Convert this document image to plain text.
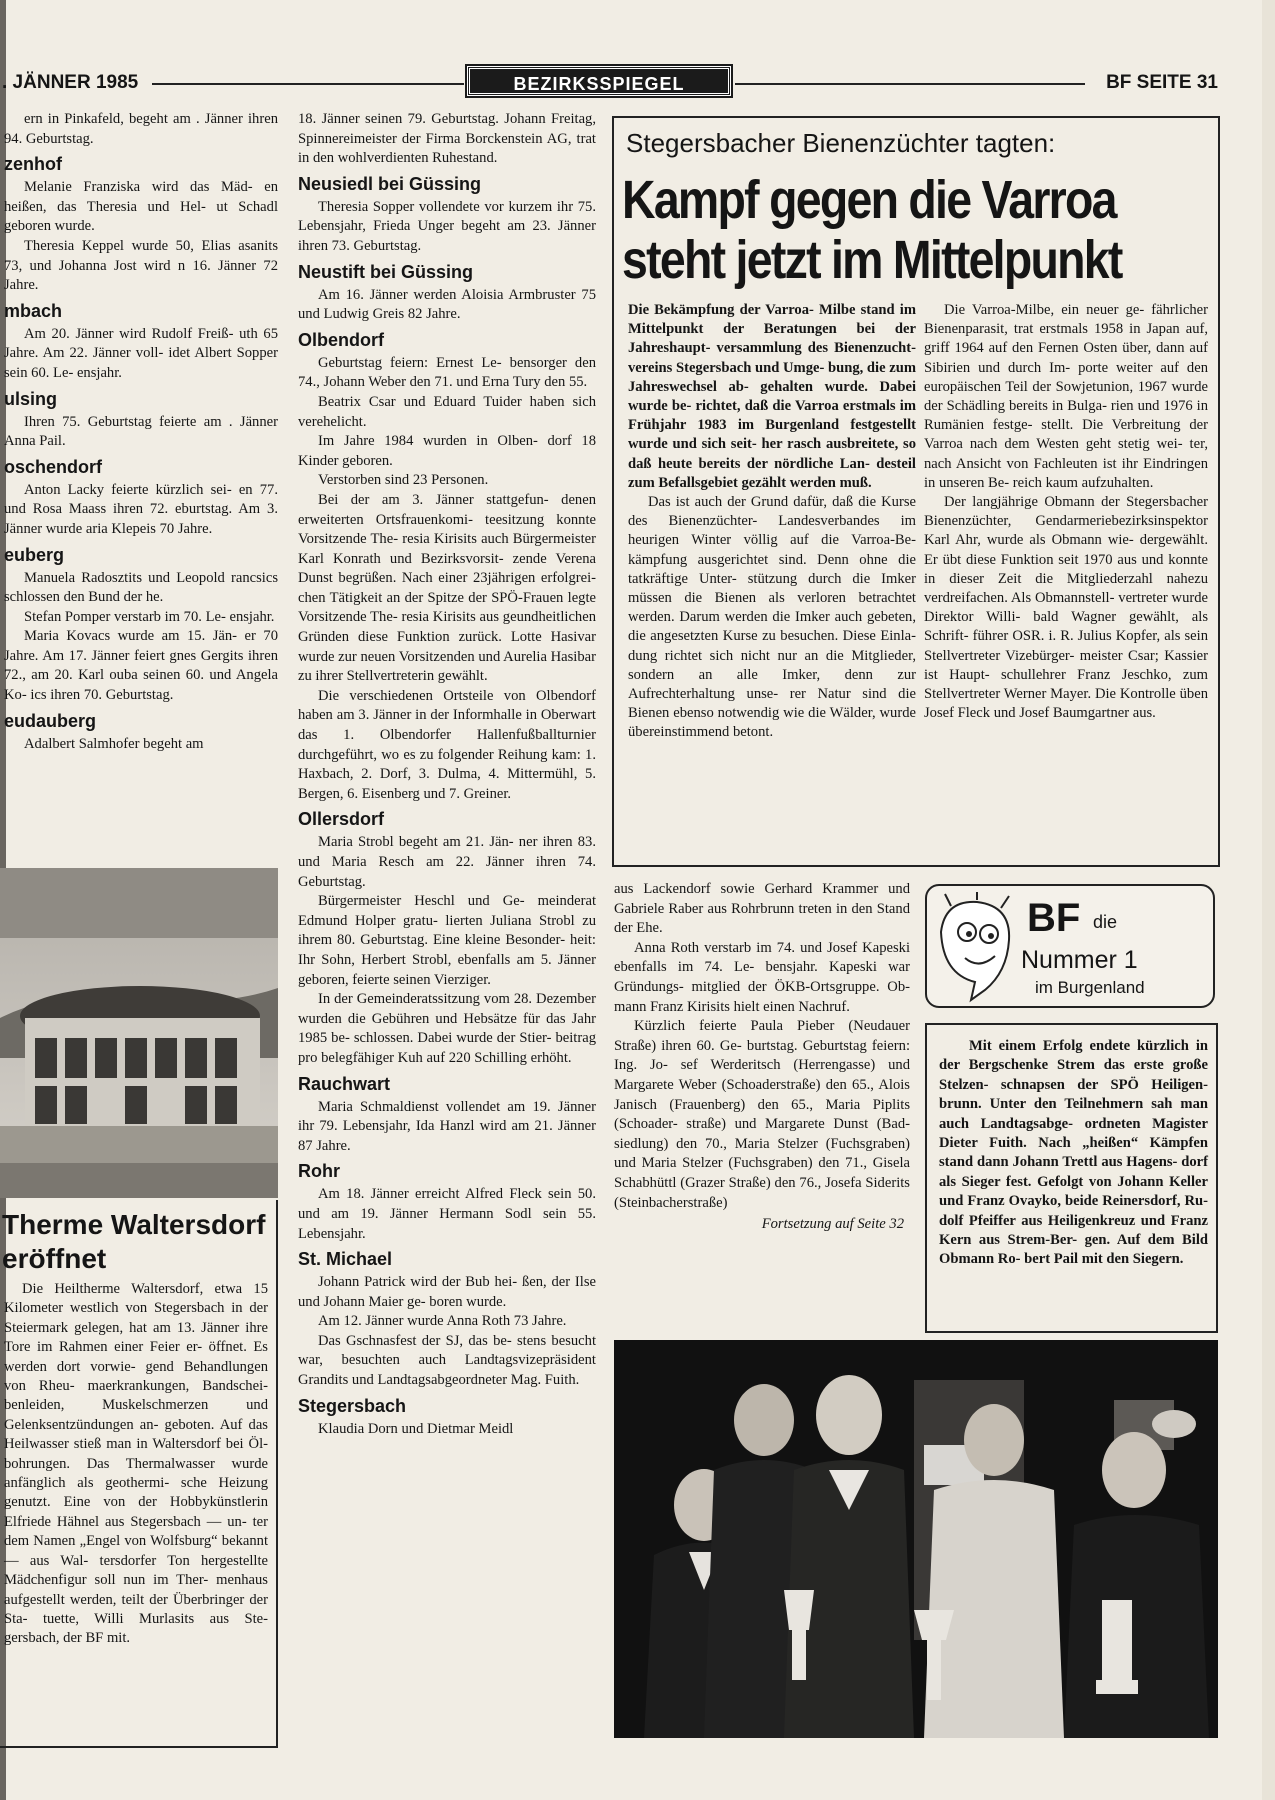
. JÄNNER 1985	BEZIRKSSPIEGEL	BF SEITE 31

ern in Pinkafeld, begeht am . Jänner ihren 94. Geburtstag.

zenhof

Melanie Franziska wird das Mäd- en heißen, das Theresia und Hel- ut Schadl geboren wurde.

Theresia Keppel wurde 50, Elias asanits 73, und Johanna Jost wird n 16. Jänner 72 Jahre.

mbach

Am 20. Jänner wird Rudolf Freiß- uth 65 Jahre. Am 22. Jänner voll- idet Albert Sopper sein 60. Le- ensjahr.

ulsing

Ihren 75. Geburtstag feierte am . Jänner Anna Pail.

oschendorf

Anton Lacky feierte kürzlich sei- en 77. und Rosa Maass ihren 72. eburtstag. Am 3. Jänner wurde aria Klepeis 70 Jahre.

euberg

Manuela Radosztits und Leopold rancsics schlossen den Bund der he.

Stefan Pomper verstarb im 70. Le- ensjahr.

Maria Kovacs wurde am 15. Jän- er 70 Jahre. Am 17. Jänner feiert gnes Gergits ihren 72., am 20. Karl ouba seinen 60. und Angela Ko- ics ihren 70. Geburtstag.

eudauberg

Adalbert Salmhofer begeht am

Therme Waltersdorf eröffnet

Die Heiltherme Waltersdorf, etwa 15 Kilometer westlich von Stegersbach in der Steiermark gelegen, hat am 13. Jänner ihre Tore im Rahmen einer Feier er- öffnet. Es werden dort vorwie- gend Behandlungen von Rheu- maerkrankungen, Bandschei- benleiden, Muskelschmerzen und Gelenksentzündungen an- geboten. Auf das Heilwasser stieß man in Waltersdorf bei Öl- bohrungen. Das Thermalwasser wurde anfänglich als geothermi- sche Heizung genutzt. Eine von der Hobbykünstlerin Elfriede Hähnel aus Stegersbach — un- ter dem Namen „Engel von Wolfsburg“ bekannt — aus Wal- tersdorfer Ton hergestellte Mädchenfigur soll nun im Ther- menhaus aufgestellt werden, teilt der Überbringer der Sta- tuette, Willi Murlasits aus Ste- gersbach, der BF mit.

18. Jänner seinen 79. Geburtstag. Johann Freitag, Spinnereimeister der Firma Borckenstein AG, trat in den wohlverdienten Ruhestand.

Neusiedl bei Güssing

Theresia Sopper vollendete vor kurzem ihr 75. Lebensjahr, Frieda Unger begeht am 23. Jänner ihren 73. Geburtstag.

Neustift bei Güssing

Am 16. Jänner werden Aloisia Armbruster 75 und Ludwig Greis 82 Jahre.

Olbendorf

Geburtstag feiern: Ernest Le- bensorger den 74., Johann Weber den 71. und Erna Tury den 55.

Beatrix Csar und Eduard Tuider haben sich verehelicht.

Im Jahre 1984 wurden in Olben- dorf 18 Kinder geboren.

Verstorben sind 23 Personen.

Bei der am 3. Jänner stattgefun- denen erweiterten Ortsfrauenkomi- teesitzung konnte Vorsitzende The- resia Kirisits auch Bürgermeister Karl Konrath und Bezirksvorsit- zende Verena Dunst begrüßen. Nach einer 23jährigen erfolgrei- chen Tätigkeit an der Spitze der SPÖ-Frauen legte Vorsitzende The- resia Kirisits aus geundheitlichen Gründen diese Funktion zurück. Lotte Hasivar wurde zur neuen Vorsitzenden und Aurelia Hasibar zu ihrer Stellvertreterin gewählt.

Die verschiedenen Ortsteile von Olbendorf haben am 3. Jänner in der Informhalle in Oberwart das 1. Olbendorfer Hallenfußballturnier durchgeführt, wo es zu folgender Reihung kam: 1. Haxbach, 2. Dorf, 3. Dulma, 4. Mittermühl, 5. Bergen, 6. Eisenberg und 7. Greiner.

Ollersdorf

Maria Strobl begeht am 21. Jän- ner ihren 83. und Maria Resch am 22. Jänner ihren 74. Geburtstag.

Bürgermeister Heschl und Ge- meinderat Edmund Holper gratu- lierten Juliana Strobl zu ihrem 80. Geburtstag. Eine kleine Besonder- heit: Ihr Sohn, Herbert Strobl, ebenfalls am 5. Jänner geboren, feierte seinen Vierziger.

In der Gemeinderatssitzung vom 28. Dezember wurden die Gebühren und Hebsätze für das Jahr 1985 be- schlossen. Dabei wurde der Stier- beitrag pro belegfähiger Kuh auf 220 Schilling erhöht.

Rauchwart

Maria Schmaldienst vollendet am 19. Jänner ihr 79. Lebensjahr, Ida Hanzl wird am 21. Jänner 87 Jahre.

Rohr

Am 18. Jänner erreicht Alfred Fleck sein 50. und am 19. Jänner Hermann Sodl sein 55. Lebensjahr.

St. Michael

Johann Patrick wird der Bub hei- ßen, der Ilse und Johann Maier ge- boren wurde.

Am 12. Jänner wurde Anna Roth 73 Jahre.

Das Gschnasfest der SJ, das be- stens besucht war, besuchten auch Landtagsvizepräsident Grandits und Landtagsabgeordneter Mag. Fuith.

Stegersbach

Klaudia Dorn und Dietmar Meidl

Stegersbacher Bienenzüchter tagten:
Kampf gegen die Varroa
steht jetzt im Mittelpunkt

Die Bekämpfung der Varroa- Milbe stand im Mittelpunkt der Beratungen bei der Jahreshaupt- versammlung des Bienenzucht- vereins Stegersbach und Umge- bung, die zum Jahreswechsel ab- gehalten wurde. Dabei wurde be- richtet, daß die Varroa erstmals im Frühjahr 1983 im Burgenland festgestellt wurde und sich seit- her rasch ausbreitete, so daß heute bereits der nördliche Lan- desteil zum Befallsgebiet gezählt werden muß.

Das ist auch der Grund dafür, daß die Kurse des Bienenzüchter- Landesverbandes im heurigen Winter völlig auf die Varroa-Be- kämpfung ausgerichtet sind. Denn ohne die tatkräftige Unter- stützung durch die Imker müssen die Bienen als verloren betrachtet werden. Darum werden die Imker auch gebeten, die angesetzten Kurse zu besuchen. Diese Einla- dung richtet sich nicht nur an die Mitglieder, sondern an alle Imker, denn zur Aufrechterhaltung unse- rer Natur sind die Bienen ebenso notwendig wie die Wälder, wurde übereinstimmend betont.

Die Varroa-Milbe, ein neuer ge- fährlicher Bienenparasit, trat erstmals 1958 in Japan auf, griff 1964 auf den Fernen Osten über, dann auf Sibirien und durch Im- porte weiter auf den europäischen Teil der Sowjetunion, 1967 wurde der Schädling bereits in Bulga- rien und 1976 in Rumänien festge- stellt. Die Verbreitung der Varroa nach dem Westen geht stetig wei- ter, nach Ansicht von Fachleuten ist ihr Eindringen in unseren Be- reich kaum aufzuhalten.

Der langjährige Obmann der Stegersbacher Bienenzüchter, Gendarmeriebezirksinspektor Karl Ahr, wurde als Obmann wie- dergewählt. Er übt diese Funktion seit 1970 aus und konnte in dieser Zeit die Mitgliederzahl nahezu verdreifachen. Als Obmannstell- vertreter wurde Direktor Willi- bald Wagner gewählt, als Schrift- führer OSR. i. R. Julius Kopfer, als sein Stellvertreter Vizebürger- meister Csar; Kassier ist Haupt- schullehrer Franz Jeschko, zum Stellvertreter Werner Mayer. Die Kontrolle üben Josef Fleck und Josef Baumgartner aus.

aus Lackendorf sowie Gerhard Krammer und Gabriele Raber aus Rohrbrunn treten in den Stand der Ehe.

Anna Roth verstarb im 74. und Josef Kapeski ebenfalls im 74. Le- bensjahr. Kapeski war Gründungs- mitglied der ÖKB-Ortsgruppe. Ob- mann Franz Kirisits hielt einen Nachruf.

Kürzlich feierte Paula Pieber (Neudauer Straße) ihren 60. Ge- burtstag. Geburtstag feiern: Ing. Jo- sef Werderitsch (Herrengasse) und Margarete Weber (Schoaderstraße) den 65., Alois Janisch (Frauenberg) den 65., Maria Piplits (Schoader- straße) und Margarete Dunst (Bad- siedlung) den 70., Maria Stelzer (Fuchsgraben) und Maria Stelzer (Fuchsgraben) den 71., Gisela Schabhüttl (Grazer Straße) den 76., Josefa Siderits (Steinbacherstraße)

Fortsetzung auf Seite 32
BF die
Nummer 1
im Burgenland

Mit einem Erfolg endete kürzlich in der Bergschenke Strem das erste große Stelzen- schnapsen der SPÖ Heiligen- brunn. Unter den Teilnehmern sah man auch Landtagsabge- ordneten Magister Dieter Fuith. Nach „heißen“ Kämpfen stand dann Johann Trettl aus Hagens- dorf als Sieger fest. Gefolgt von Johann Keller und Franz Ovayko, beide Reinersdorf, Ru- dolf Pfeiffer aus Heiligenkreuz und Franz Kern aus Strem-Ber- gen. Auf dem Bild Obmann Ro- bert Pail mit den Siegern.
